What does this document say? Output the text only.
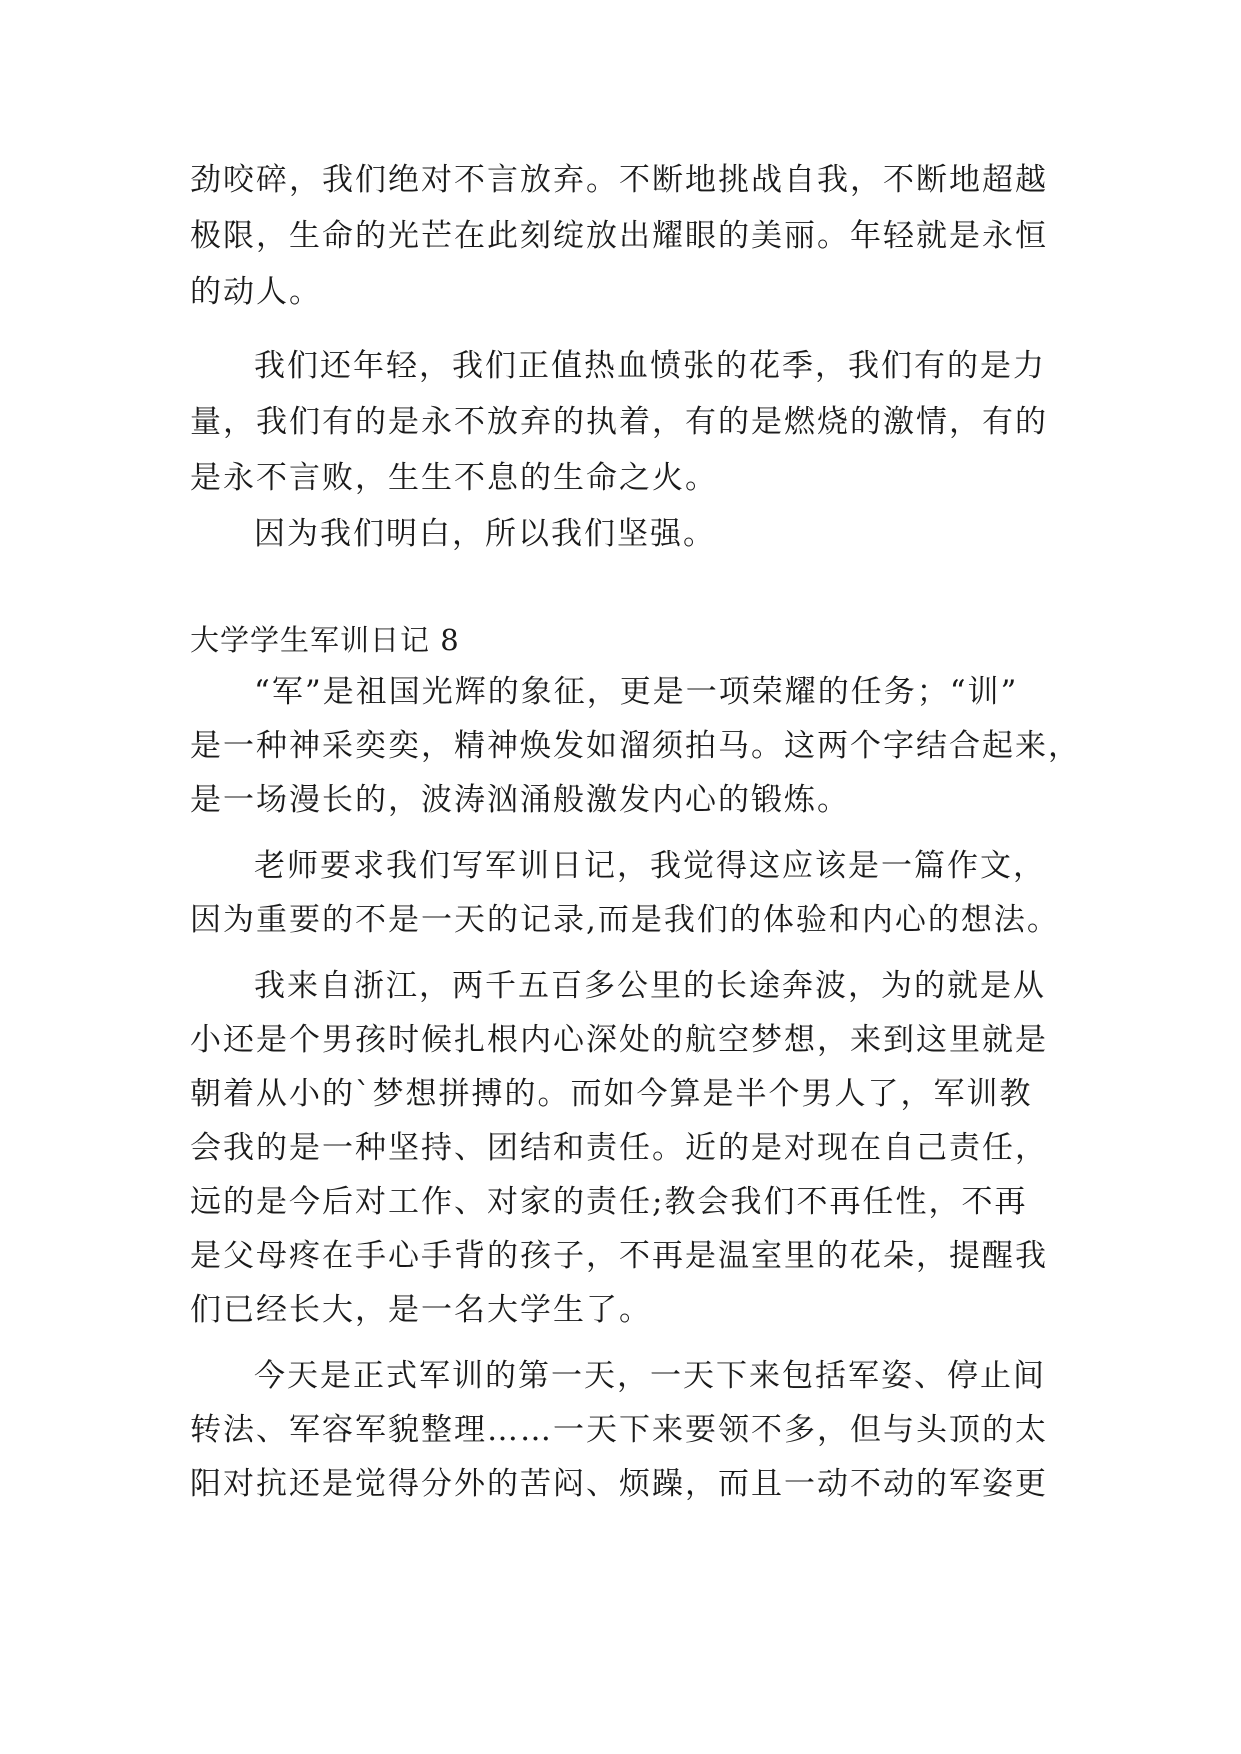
劲咬碎，我们绝对不言放弃。不断地挑战自我，不断地超越
极限，生命的光芒在此刻绽放出耀眼的美丽。年轻就是永恒
的动人。
我们还年轻，我们正值热血愤张的花季，我们有的是力
量，我们有的是永不放弃的执着，有的是燃烧的激情，有的
是永不言败，生生不息的生命之火。
因为我们明白，所以我们坚强。
大学学生军训日记 8
“军”是祖国光辉的象征，更是一项荣耀的任务；“训”
是一种神采奕奕，精神焕发如溜须拍马。这两个字结合起来，
是一场漫长的，波涛汹涌般激发内心的锻炼。
老师要求我们写军训日记，我觉得这应该是一篇作文，
因为重要的不是一天的记录,而是我们的体验和内心的想法。
我来自浙江，两千五百多公里的长途奔波，为的就是从
小还是个男孩时候扎根内心深处的航空梦想，来到这里就是
朝着从小的`梦想拼搏的。而如今算是半个男人了，军训教
会我的是一种坚持、团结和责任。近的是对现在自己责任，
远的是今后对工作、对家的责任;教会我们不再任性，不再
是父母疼在手心手背的孩子，不再是温室里的花朵，提醒我
们已经长大，是一名大学生了。
今天是正式军训的第一天，一天下来包括军姿、停止间
转法、军容军貌整理……一天下来要领不多，但与头顶的太
阳对抗还是觉得分外的苦闷、烦躁，而且一动不动的军姿更
